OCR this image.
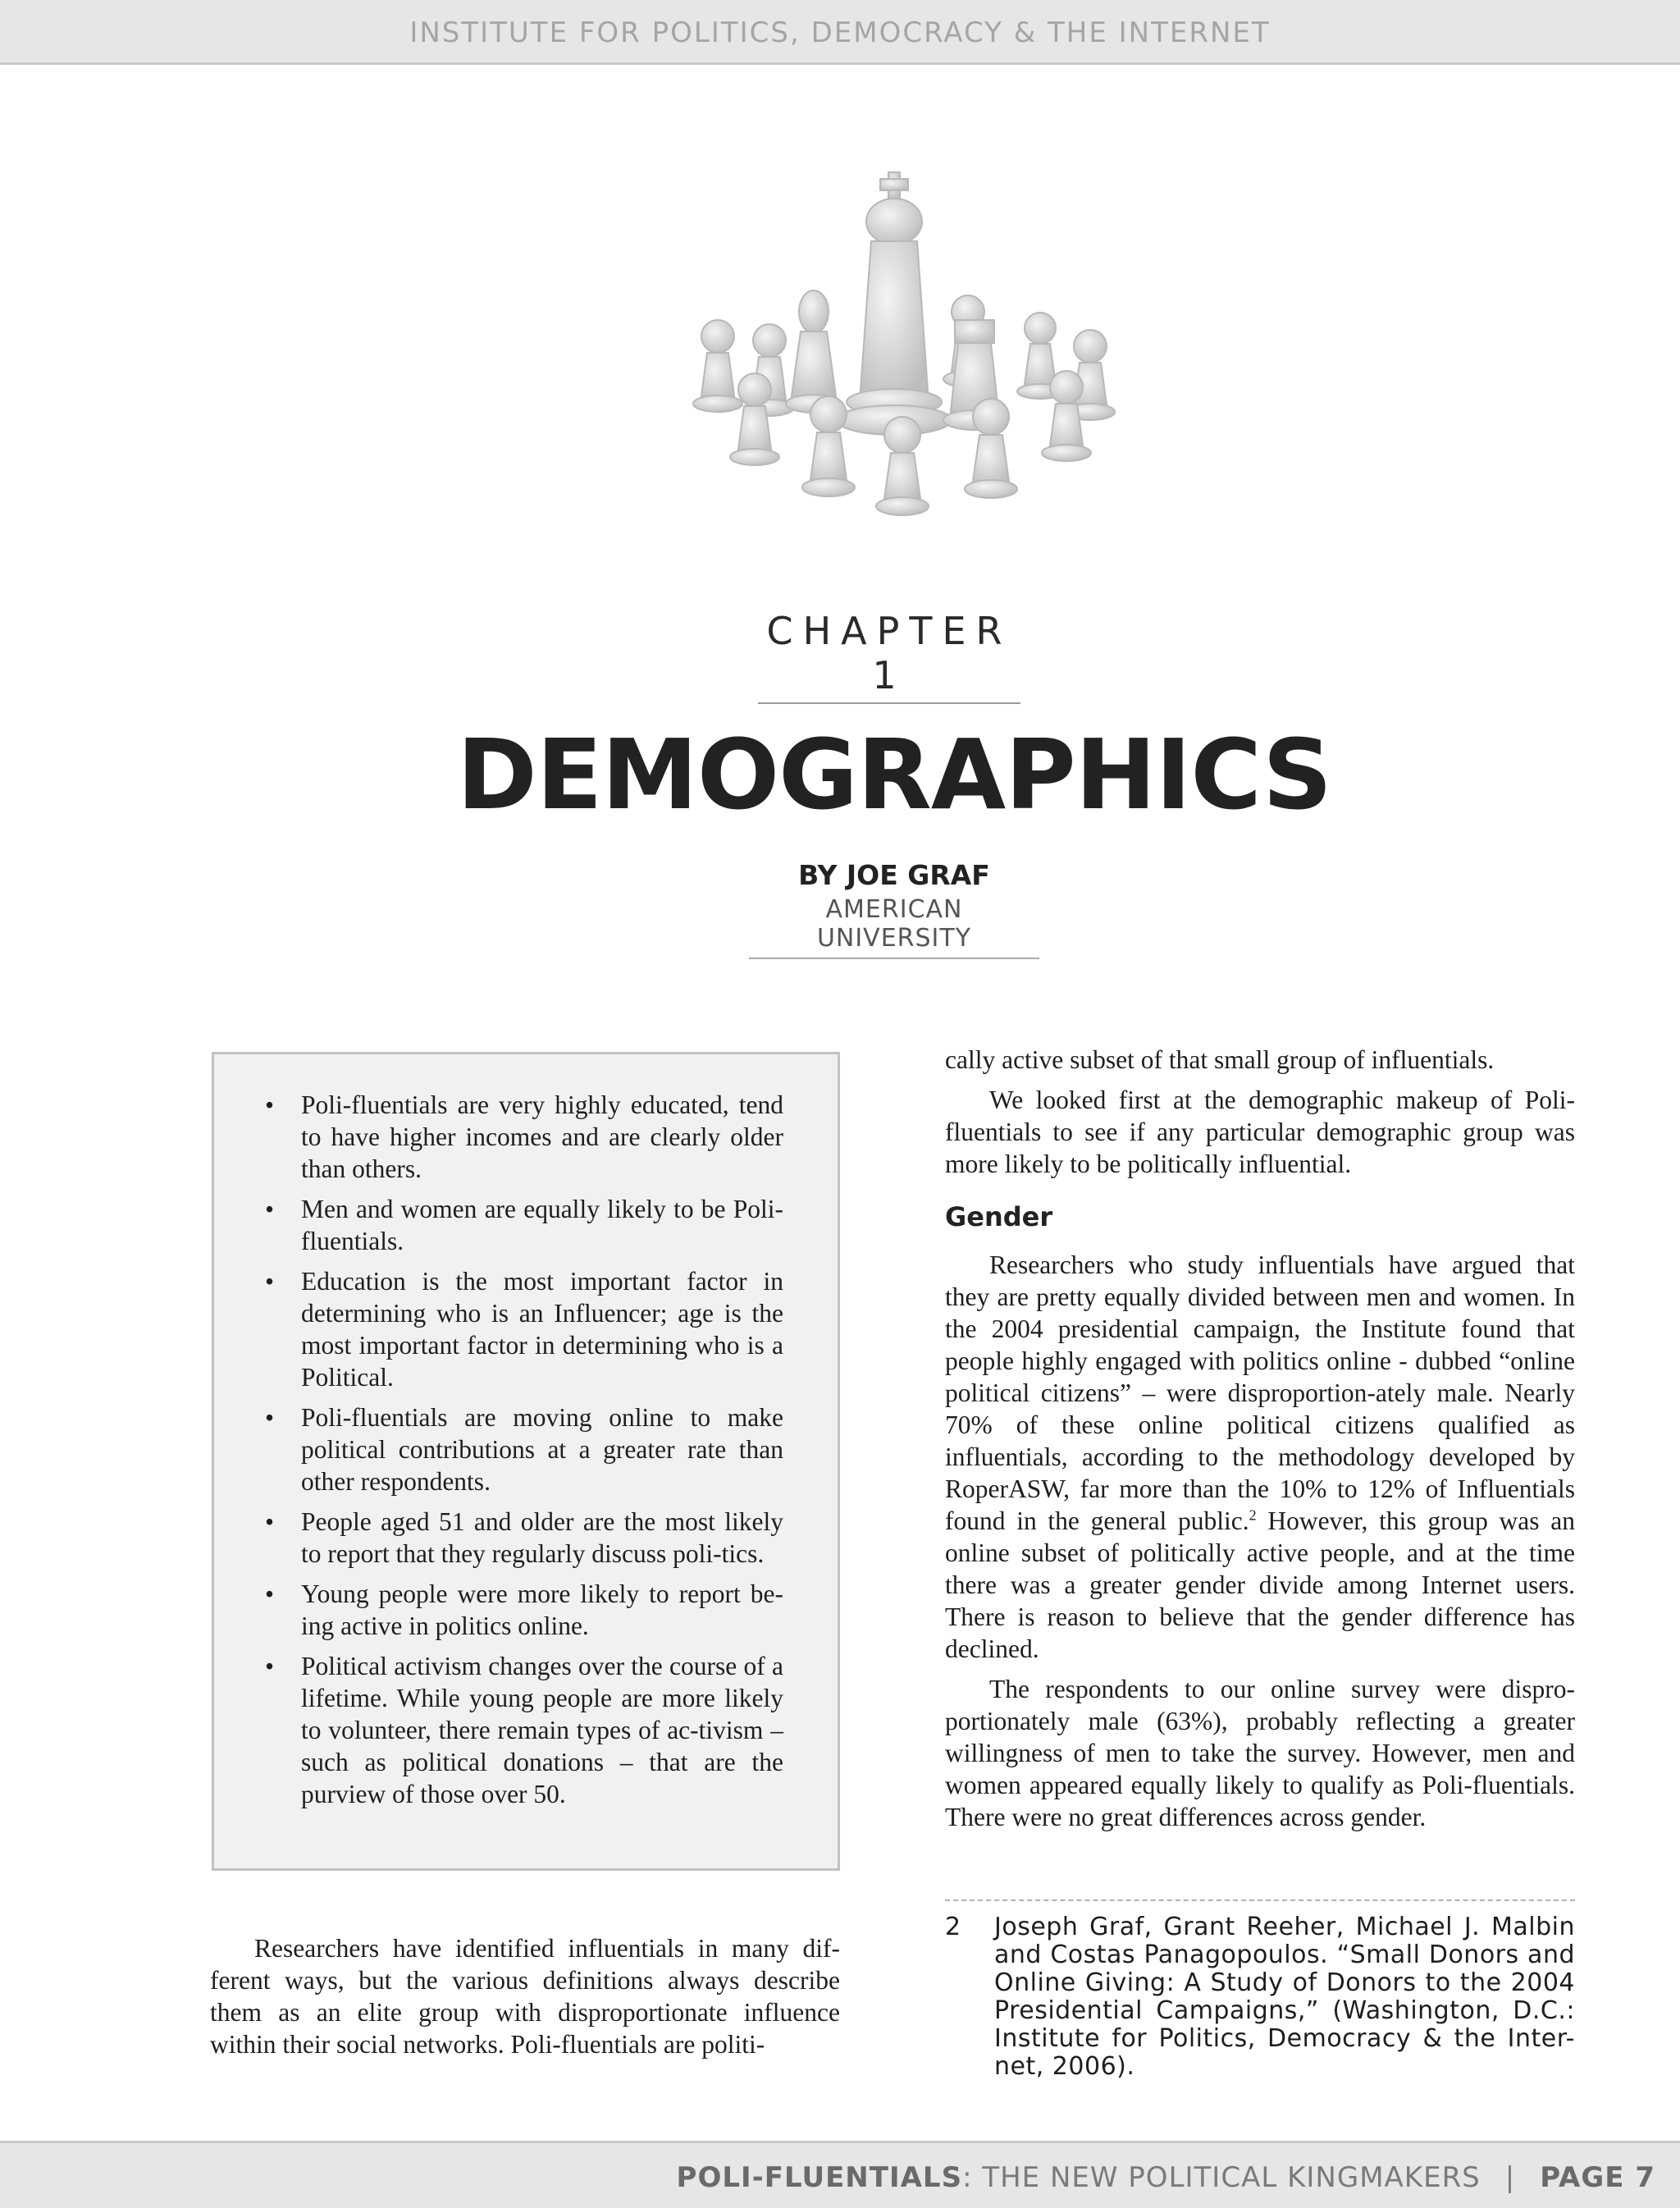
INSTITUTE FOR POLITICS, DEMOCRACY & THE INTERNET
CHAPTER 1
DEMOGRAPHICS
BY JOE GRAF
AMERICAN UNIVERSITY
• Poli-fluentials are very highly educated, tend to have higher incomes and are clearly older than others.
• Men and women are equally likely to be Poli-fluentials.
• Education is the most important factor in determining who is an Influencer; age is the most important factor in determining who is a Political.
• Poli-fluentials are moving online to make political contributions at a greater rate than other respondents.
• People aged 51 and older are the most likely to report that they regularly discuss poli-tics.
• Young people were more likely to report be-ing active in politics online.
• Political activism changes over the course of a lifetime. While young people are more likely to volunteer, there remain types of ac-tivism – such as political donations – that are the purview of those over 50.

Researchers have identified influentials in many dif-ferent ways, but the various definitions always describe them as an elite group with disproportionate influence within their social networks. Poli-fluentials are politi-

cally active subset of that small group of influentials.

We looked first at the demographic makeup of Poli-fluentials to see if any particular demographic group was more likely to be politically influential.

Gender

Researchers who study influentials have argued that they are pretty equally divided between men and women. In the 2004 presidential campaign, the Institute found that people highly engaged with politics online - dubbed “online political citizens” – were disproportion-ately male. Nearly 70% of these online political citizens qualified as influentials, according to the methodology developed by RoperASW, far more than the 10% to 12% of Influentials found in the general public.$^2$ However, this group was an online subset of politically active people, and at the time there was a greater gender divide among Internet users. There is reason to believe that the gender difference has declined.

The respondents to our online survey were dispro-portionately male (63%), probably reflecting a greater willingness of men to take the survey. However, men and women appeared equally likely to qualify as Poli-fluentials. There were no great differences across gender.

2 Joseph Graf, Grant Reeher, Michael J. Malbin and Costas Panagopoulos. “Small Donors and Online Giving: A Study of Donors to the 2004 Presidential Campaigns,” (Washington, D.C.: Institute for Politics, Democracy & the Inter-net, 2006).
POLI-FLUENTIALS: THE NEW POLITICAL KINGMAKERS | PAGE 7
